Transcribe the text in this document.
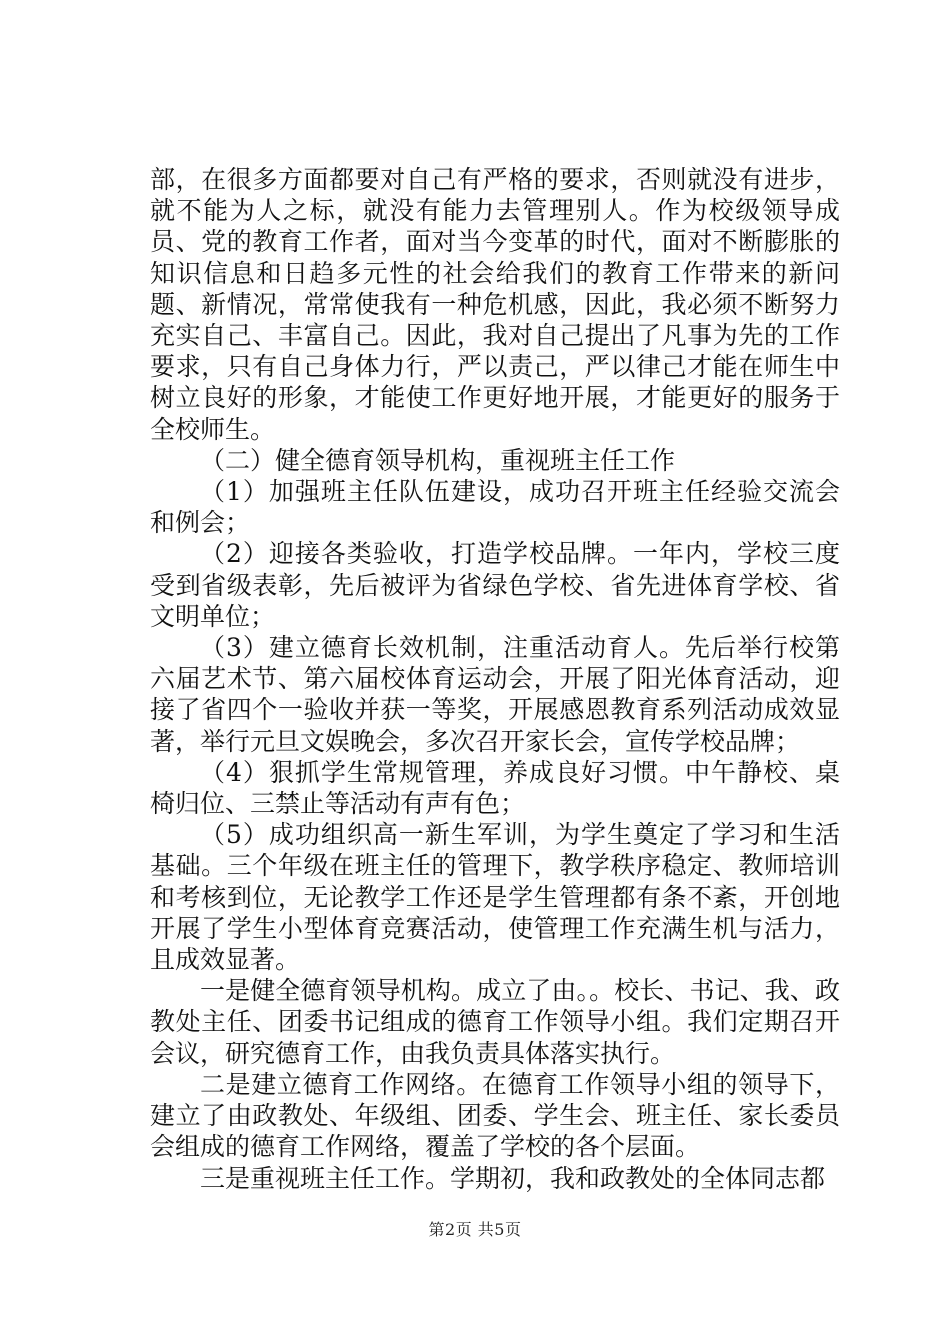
部，在很多方面都要对自己有严格的要求，否则就没有进步，就不能为人之标，就没有能力去管理别人。作为校级领导成员、党的教育工作者，面对当今变革的时代，面对不断膨胀的知识信息和日趋多元性的社会给我们的教育工作带来的新问题、新情况，常常使我有一种危机感，因此，我必须不断努力充实自己、丰富自己。因此，我对自己提出了凡事为先的工作要求，只有自己身体力行，严以责己，严以律己才能在师生中树立良好的形象，才能使工作更好地开展，才能更好的服务于全校师生。

（二）健全德育领导机构，重视班主任工作

（1）加强班主任队伍建设，成功召开班主任经验交流会和例会；

（2）迎接各类验收，打造学校品牌。一年内，学校三度受到省级表彰，先后被评为省绿色学校、省先进体育学校、省文明单位；

（3）建立德育长效机制，注重活动育人。先后举行校第六届艺术节、第六届校体育运动会，开展了阳光体育活动，迎接了省四个一验收并获一等奖，开展感恩教育系列活动成效显著，举行元旦文娱晚会，多次召开家长会，宣传学校品牌；

（4）狠抓学生常规管理，养成良好习惯。中午静校、桌椅归位、三禁止等活动有声有色；

（5）成功组织高一新生军训，为学生奠定了学习和生活基础。三个年级在班主任的管理下，教学秩序稳定、教师培训和考核到位，无论教学工作还是学生管理都有条不紊，开创地开展了学生小型体育竞赛活动，使管理工作充满生机与活力，且成效显著。

一是健全德育领导机构。成立了由。。校长、书记、我、政教处主任、团委书记组成的德育工作领导小组。我们定期召开会议，研究德育工作，由我负责具体落实执行。

二是建立德育工作网络。在德育工作领导小组的领导下，建立了由政教处、年级组、团委、学生会、班主任、家长委员会组成的德育工作网络，覆盖了学校的各个层面。

三是重视班主任工作。学期初，我和政教处的全体同志都

第2页 共5页
